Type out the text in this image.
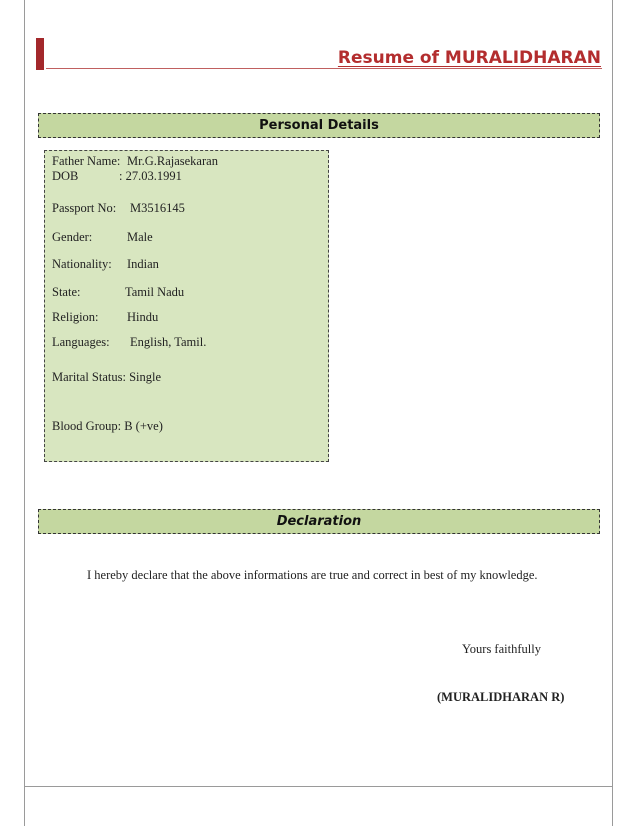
Resume of MURALIDHARAN
Personal Details
Father Name: Mr.G.Rajasekaran
DOB	: 27.03.1991
Passport No: M3516145
Gender:	Male
Nationality: Indian
State:	Tamil Nadu
Religion: Hindu
Languages: English, Tamil.
Marital Status: Single
Blood Group: B (+ve)
Declaration
I hereby declare that the above informations are true and correct in best of my knowledge.
Yours faithfully
(MURALIDHARAN R)
